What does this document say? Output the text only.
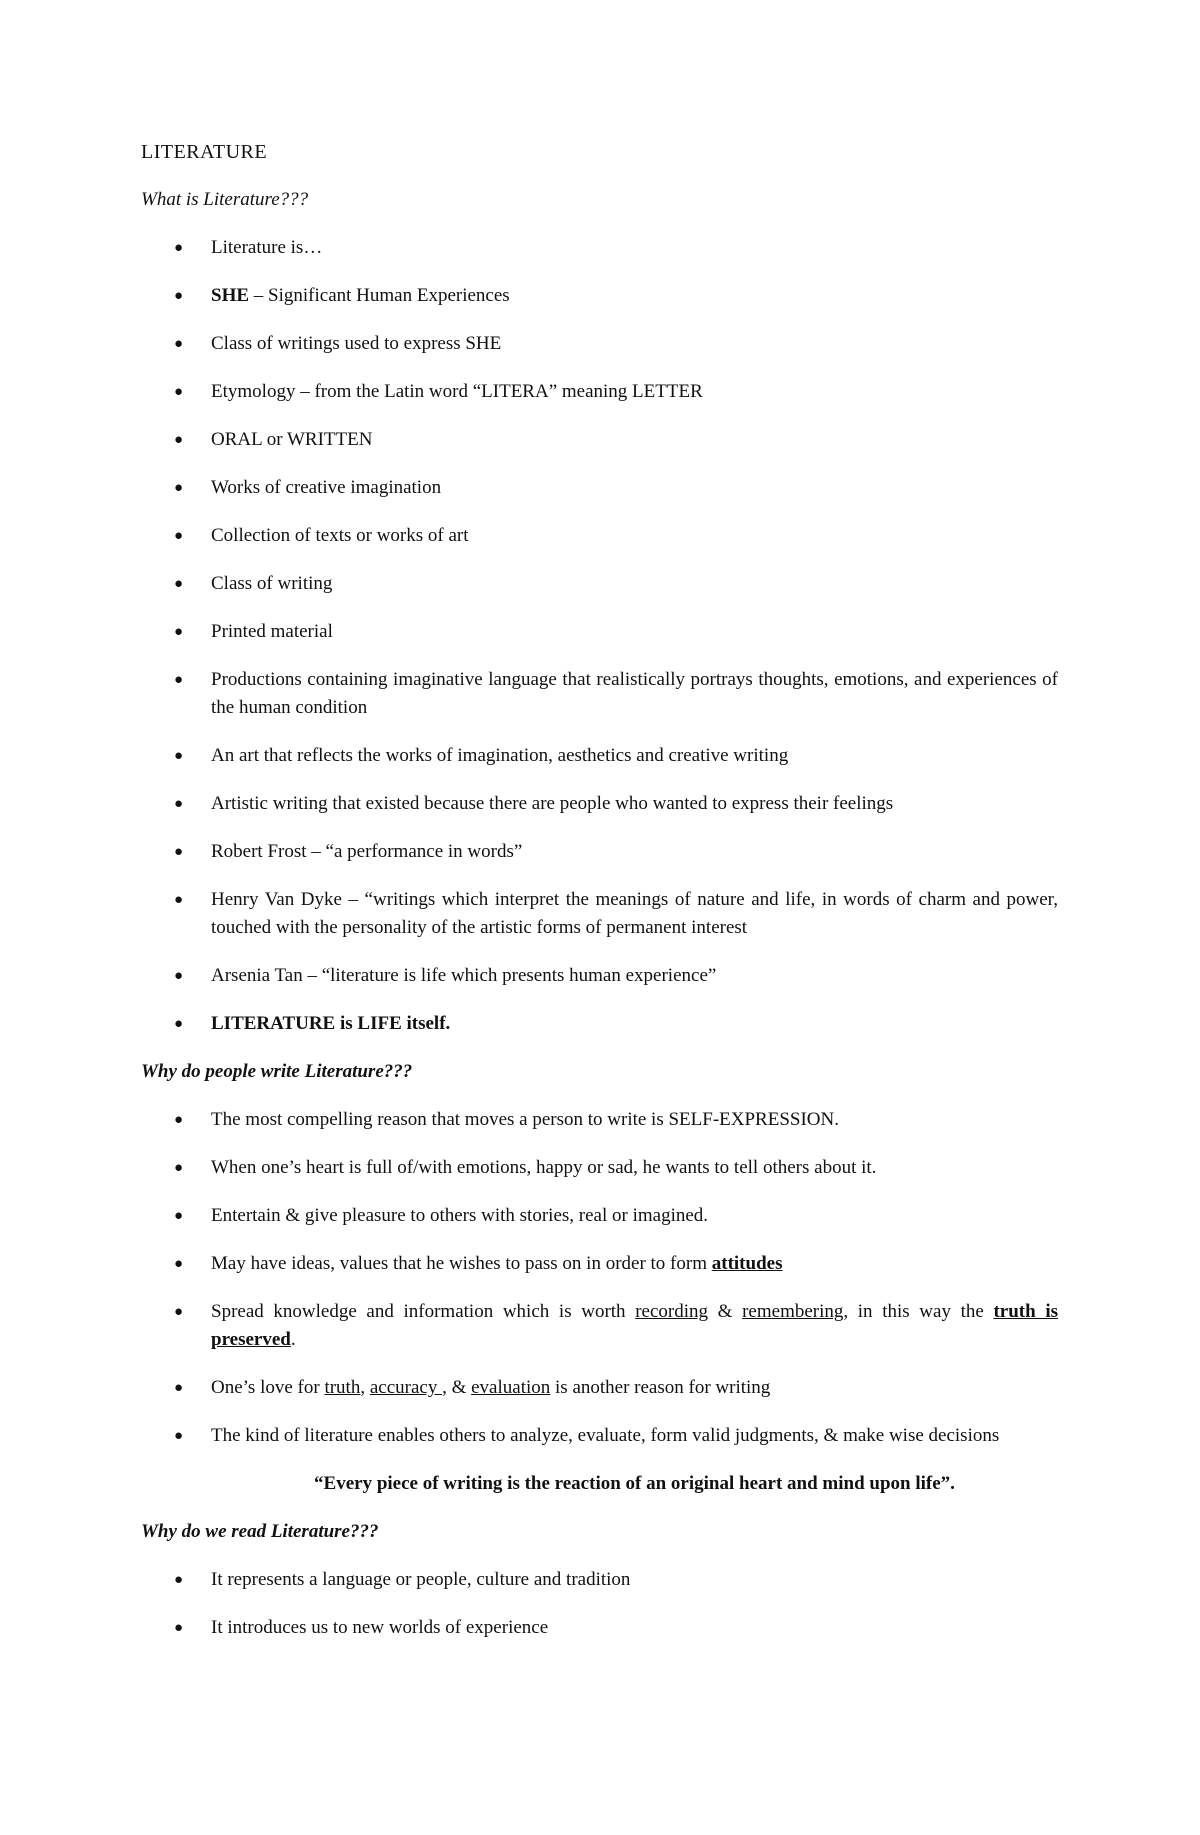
LITERATURE
What is Literature???
● Literature is…
● SHE – Significant Human Experiences
● Class of writings used to express SHE
● Etymology – from the Latin word “LITERA” meaning LETTER
● ORAL or WRITTEN
● Works of creative imagination
● Collection of texts or works of art
● Class of writing
● Printed material
● Productions containing imaginative language that realistically portrays thoughts, emotions, and experiences of the human condition
● An art that reflects the works of imagination, aesthetics and creative writing
● Artistic writing that existed because there are people who wanted to express their feelings
● Robert Frost – “a performance in words”
● Henry Van Dyke – “writings which interpret the meanings of nature and life, in words of charm and power, touched with the personality of the artistic forms of permanent interest
● Arsenia Tan – “literature is life which presents human experience”
● LITERATURE is LIFE itself.
Why do people write Literature???
● The most compelling reason that moves a person to write is SELF-EXPRESSION.
● When one’s heart is full of/with emotions, happy or sad, he wants to tell others about it.
● Entertain & give pleasure to others with stories, real or imagined.
● May have ideas, values that he wishes to pass on in order to form attitudes
● Spread knowledge and information which is worth recording & remembering, in this way the truth is preserved.
● One’s love for truth, accuracy , & evaluation is another reason for writing
● The kind of literature enables others to analyze, evaluate, form valid judgments, & make wise decisions
“Every piece of writing is the reaction of an original heart and mind upon life”.
Why do we read Literature???
● It represents a language or people, culture and tradition
● It introduces us to new worlds of experience
